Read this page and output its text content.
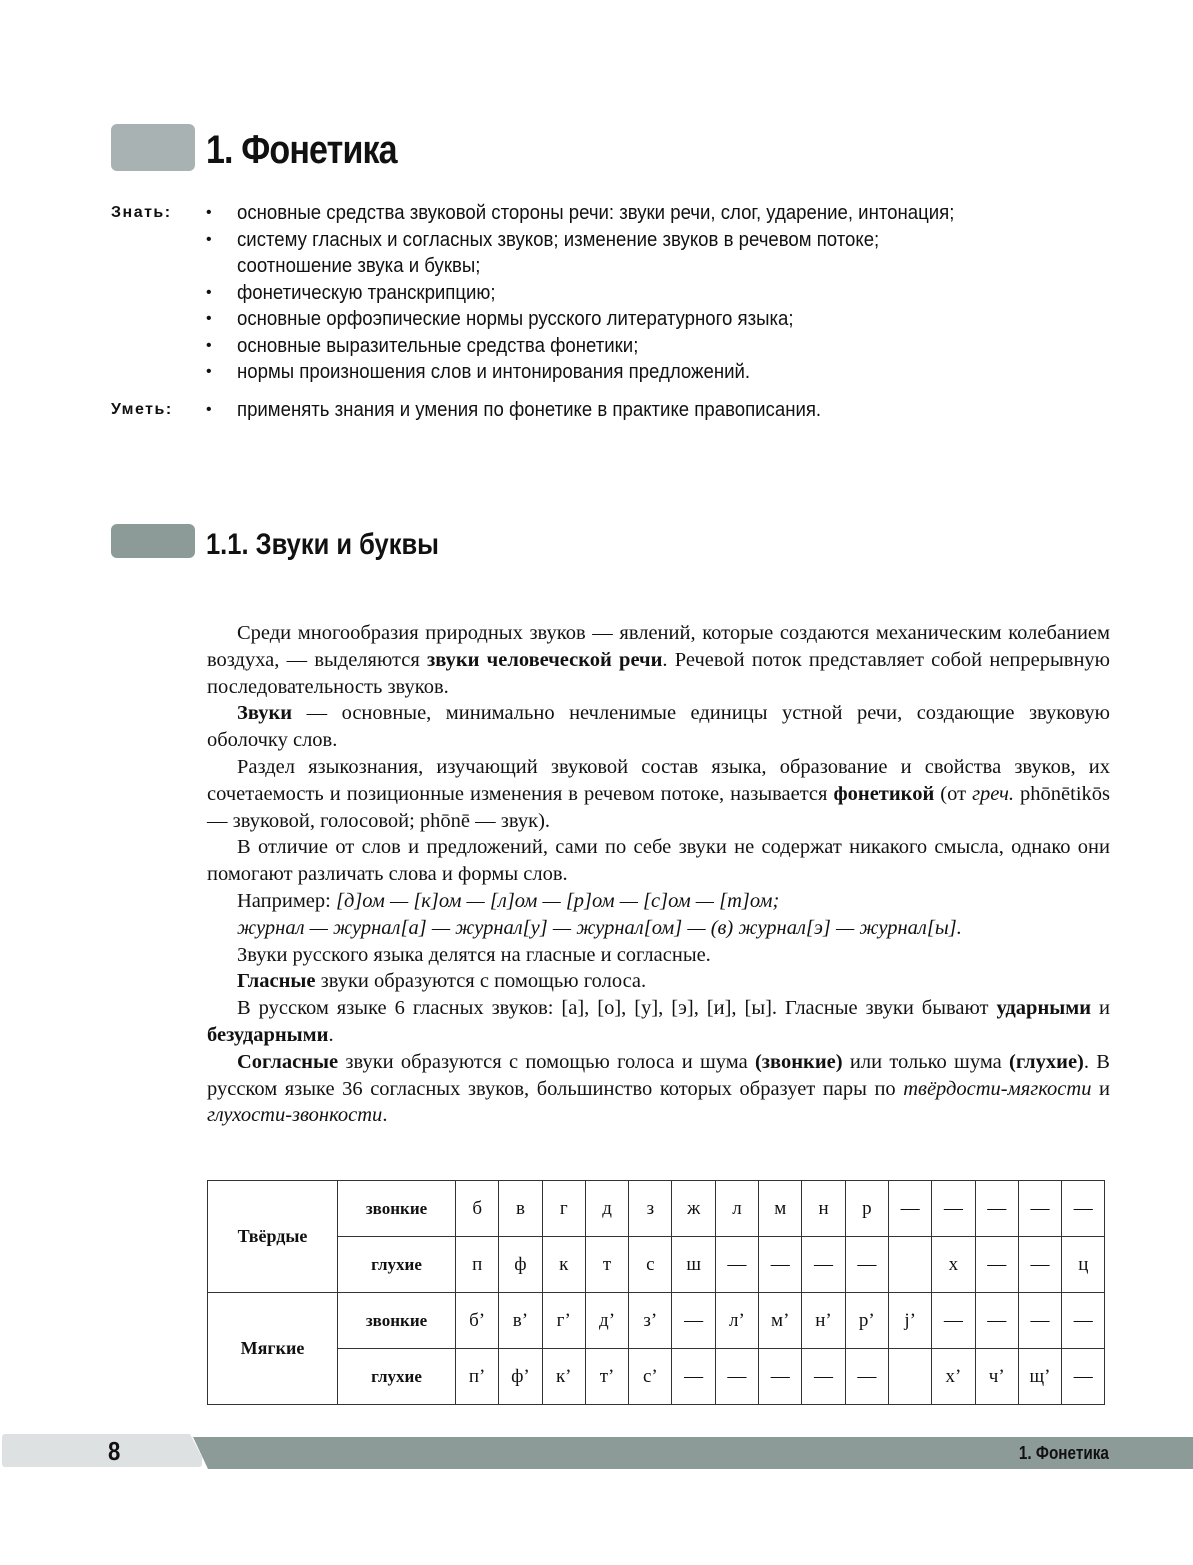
1. Фонетика
Знать: • основные средства звуковой стороны речи: звуки речи, слог, ударение, интонация;
• систему гласных и согласных звуков; изменение звуков в речевом потоке;
соотношение звука и буквы;
• фонетическую транскрипцию;
• основные орфоэпические нормы русского литературного языка;
• основные выразительные средства фонетики;
• нормы произношения слов и интонирования предложений.
Уметь: • применять знания и умения по фонетике в практике правописания.
1.1. Звуки и буквы

Среди многообразия природных звуков — явлений, которые создаются механическим колебанием воздуха, — выделяются звуки человеческой речи. Речевой поток представляет собой непрерывную последовательность звуков.

Звуки — основные, минимально нечленимые единицы устной речи, создающие звуковую оболочку слов.

Раздел языкознания, изучающий звуковой состав языка, образование и свойства звуков, их сочетаемость и позиционные изменения в речевом потоке, называется фонетикой (от греч. phōnētikōs — звуковой, голосовой; phōnē — звук).

В отличие от слов и предложений, сами по себе звуки не содержат никакого смысла, однако они помогают различать слова и формы слов.

Например: [д]ом — [к]ом — [л]ом — [р]ом — [с]ом — [т]ом;

журнал — журнал[а] — журнал[у] — журнал[ом] — (в) журнал[э] — журнал[ы].

Звуки русского языка делятся на гласные и согласные.

Гласные звуки образуются с помощью голоса.

В русском языке 6 гласных звуков: [а], [о], [у], [э], [и], [ы]. Гласные звуки бывают ударными и безударными.

Согласные звуки образуются с помощью голоса и шума (звонкие) или только шума (глухие). В русском языке 36 согласных звуков, большинство которых образует пары по твёрдости-мягкости и глухости-звонкости.

Твёрдые	звонкие	б	в	г	д	з	ж	л	м	н	р	—	—	—	—	—
	глухие	п	ф	к	т	с	ш	—	—	—	—		х	—	—	ц
Мягкие	звонкие	б’	в’	г’	д’	з’	—	л’	м’	н’	р’	j’	—	—	—	—
	глухие	п’	ф’	к’	т’	с’	—	—	—	—	—		х’	ч’	щ’	—
8	1. Фонетика
